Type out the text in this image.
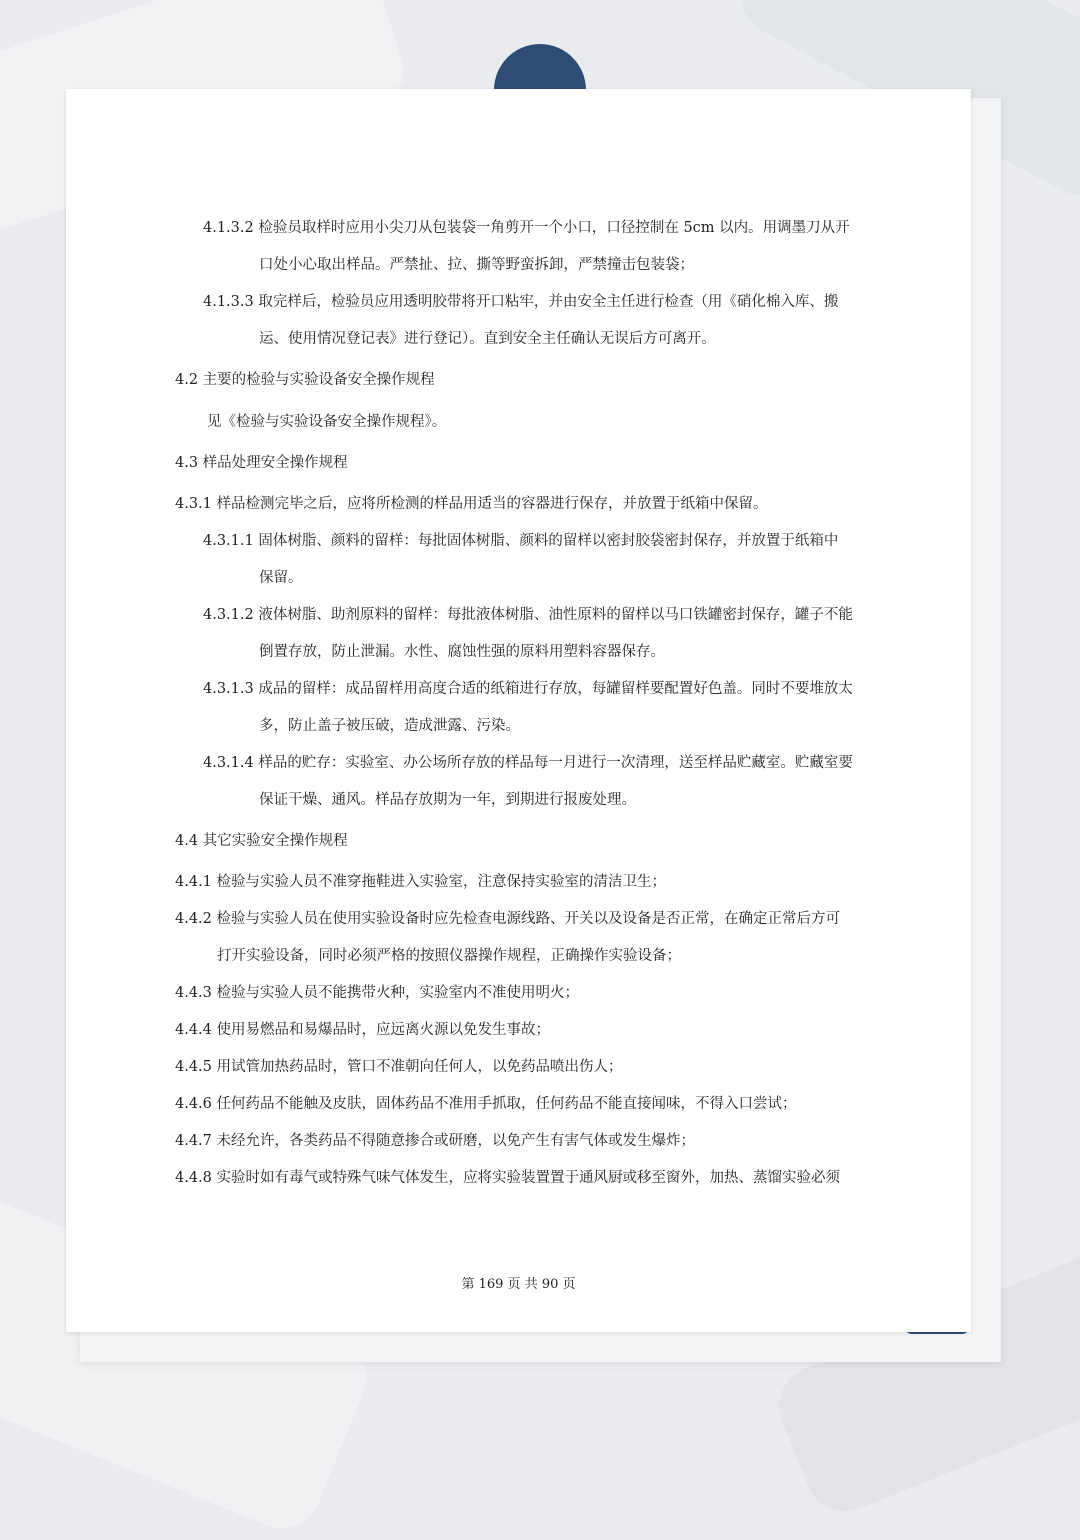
4.1.3.2 检验员取样时应用小尖刀从包装袋一角剪开一个小口，口径控制在 5cm 以内。用调墨刀从开
口处小心取出样品。严禁扯、拉、撕等野蛮拆卸，严禁撞击包装袋；
4.1.3.3 取完样后，检验员应用透明胶带将开口粘牢，并由安全主任进行检查（用《硝化棉入库、搬
运、使用情况登记表》进行登记）。直到安全主任确认无误后方可离开。
4.2 主要的检验与实验设备安全操作规程
见《检验与实验设备安全操作规程》。
4.3 样品处理安全操作规程
4.3.1 样品检测完毕之后，应将所检测的样品用适当的容器进行保存，并放置于纸箱中保留。
4.3.1.1 固体树脂、颜料的留样：每批固体树脂、颜料的留样以密封胶袋密封保存，并放置于纸箱中
保留。
4.3.1.2 液体树脂、助剂原料的留样：每批液体树脂、油性原料的留样以马口铁罐密封保存，罐子不能
倒置存放，防止泄漏。水性、腐蚀性强的原料用塑料容器保存。
4.3.1.3 成品的留样：成品留样用高度合适的纸箱进行存放，每罐留样要配置好色盖。同时不要堆放太
多，防止盖子被压破，造成泄露、污染。
4.3.1.4 样品的贮存：实验室、办公场所存放的样品每一月进行一次清理，送至样品贮藏室。贮藏室要
保证干燥、通风。样品存放期为一年，到期进行报废处理。
4.4 其它实验安全操作规程
4.4.1 检验与实验人员不准穿拖鞋进入实验室，注意保持实验室的清洁卫生；
4.4.2 检验与实验人员在使用实验设备时应先检查电源线路、开关以及设备是否正常，在确定正常后方可
打开实验设备，同时必须严格的按照仪器操作规程，正确操作实验设备；
4.4.3 检验与实验人员不能携带火种，实验室内不准使用明火；
4.4.4 使用易燃品和易爆品时，应远离火源以免发生事故；
4.4.5 用试管加热药品时，管口不准朝向任何人，以免药品喷出伤人；
4.4.6 任何药品不能触及皮肤，固体药品不准用手抓取，任何药品不能直接闻味，不得入口尝试；
4.4.7 未经允许，各类药品不得随意掺合或研磨，以免产生有害气体或发生爆炸；
4.4.8 实验时如有毒气或特殊气味气体发生，应将实验装置置于通风厨或移至窗外，加热、蒸馏实验必须
第 169 页 共 90 页
